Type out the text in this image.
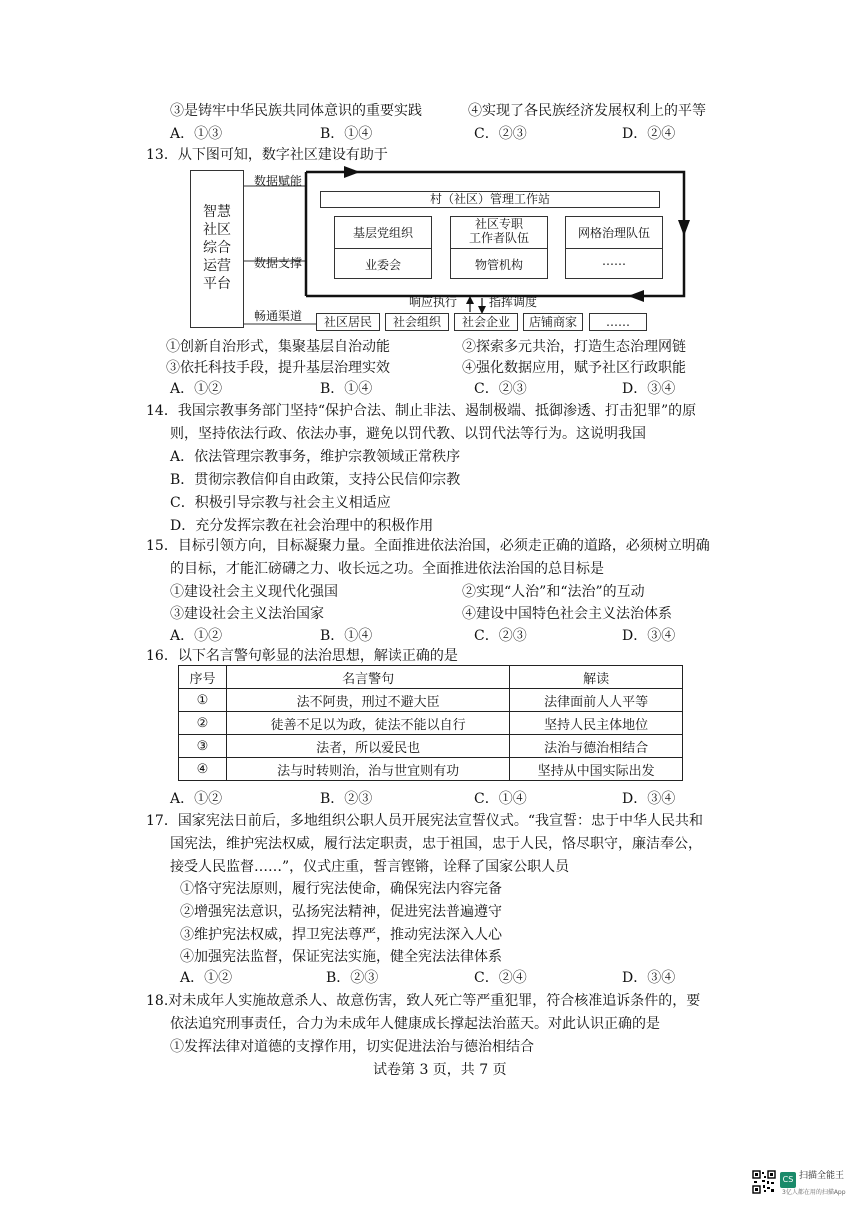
③是铸牢中华民族共同体意识的重要实践	④实现了各民族经济发展权利上的平等
A．①③	B．①④	C．②③	D．②④
13．从下图可知，数字社区建设有助于
智慧
社区
综合
运营
平台
数据赋能
数据支撑
畅通渠道
村（社区）管理工作站
基层党组织
业委会
社区专职
工作者队伍
物管机构
网格治理队伍
……
响应执行	指挥调度
社区居民	社会组织	社会企业	店铺商家	……
①创新自治形式，集聚基层自治动能	②探索多元共治，打造生态治理网链
③依托科技手段，提升基层治理实效	④强化数据应用，赋予社区行政职能
A．①②	B．①④	C．②③	D．③④
14．我国宗教事务部门坚持“保护合法、制止非法、遏制极端、抵御渗透、打击犯罪”的原
则，坚持依法行政、依法办事，避免以罚代教、以罚代法等行为。这说明我国
A．依法管理宗教事务，维护宗教领域正常秩序
B．贯彻宗教信仰自由政策，支持公民信仰宗教
C．积极引导宗教与社会主义相适应
D．充分发挥宗教在社会治理中的积极作用
15．目标引领方向，目标凝聚力量。全面推进依法治国，必须走正确的道路，必须树立明确
的目标，才能汇磅礴之力、收长远之功。全面推进依法治国的总目标是
①建设社会主义现代化强国	②实现“人治”和“法治”的互动
③建设社会主义法治国家	④建设中国特色社会主义法治体系
A．①②	B．①④	C．②③	D．③④
16．以下名言警句彰显的法治思想，解读正确的是
序号	名言警句	解读
①	法不阿贵，刑过不避大臣	法律面前人人平等
②	徒善不足以为政，徒法不能以自行	坚持人民主体地位
③	法者，所以爱民也	法治与德治相结合
④	法与时转则治，治与世宜则有功	坚持从中国实际出发
A．①②	B．②③	C．①④	D．③④
17．国家宪法日前后，多地组织公职人员开展宪法宣誓仪式。“我宣誓：忠于中华人民共和
国宪法，维护宪法权威，履行法定职责，忠于祖国，忠于人民，恪尽职守，廉洁奉公，
接受人民监督……”，仪式庄重，誓言铿锵，诠释了国家公职人员
①恪守宪法原则，履行宪法使命，确保宪法内容完备
②增强宪法意识，弘扬宪法精神，促进宪法普遍遵守
③维护宪法权威，捍卫宪法尊严，推动宪法深入人心
④加强宪法监督，保证宪法实施，健全宪法法律体系
A．①②	B．②③	C．②④	D．③④
18.对未成年人实施故意杀人、故意伤害，致人死亡等严重犯罪，符合核准追诉条件的，要
依法追究刑事责任，合力为未成年人健康成长撑起法治蓝天。对此认识正确的是
①发挥法律对道德的支撑作用，切实促进法治与德治相结合
试卷第 3 页，共 7 页
CS 扫描全能王
3亿人都在用的扫描App
